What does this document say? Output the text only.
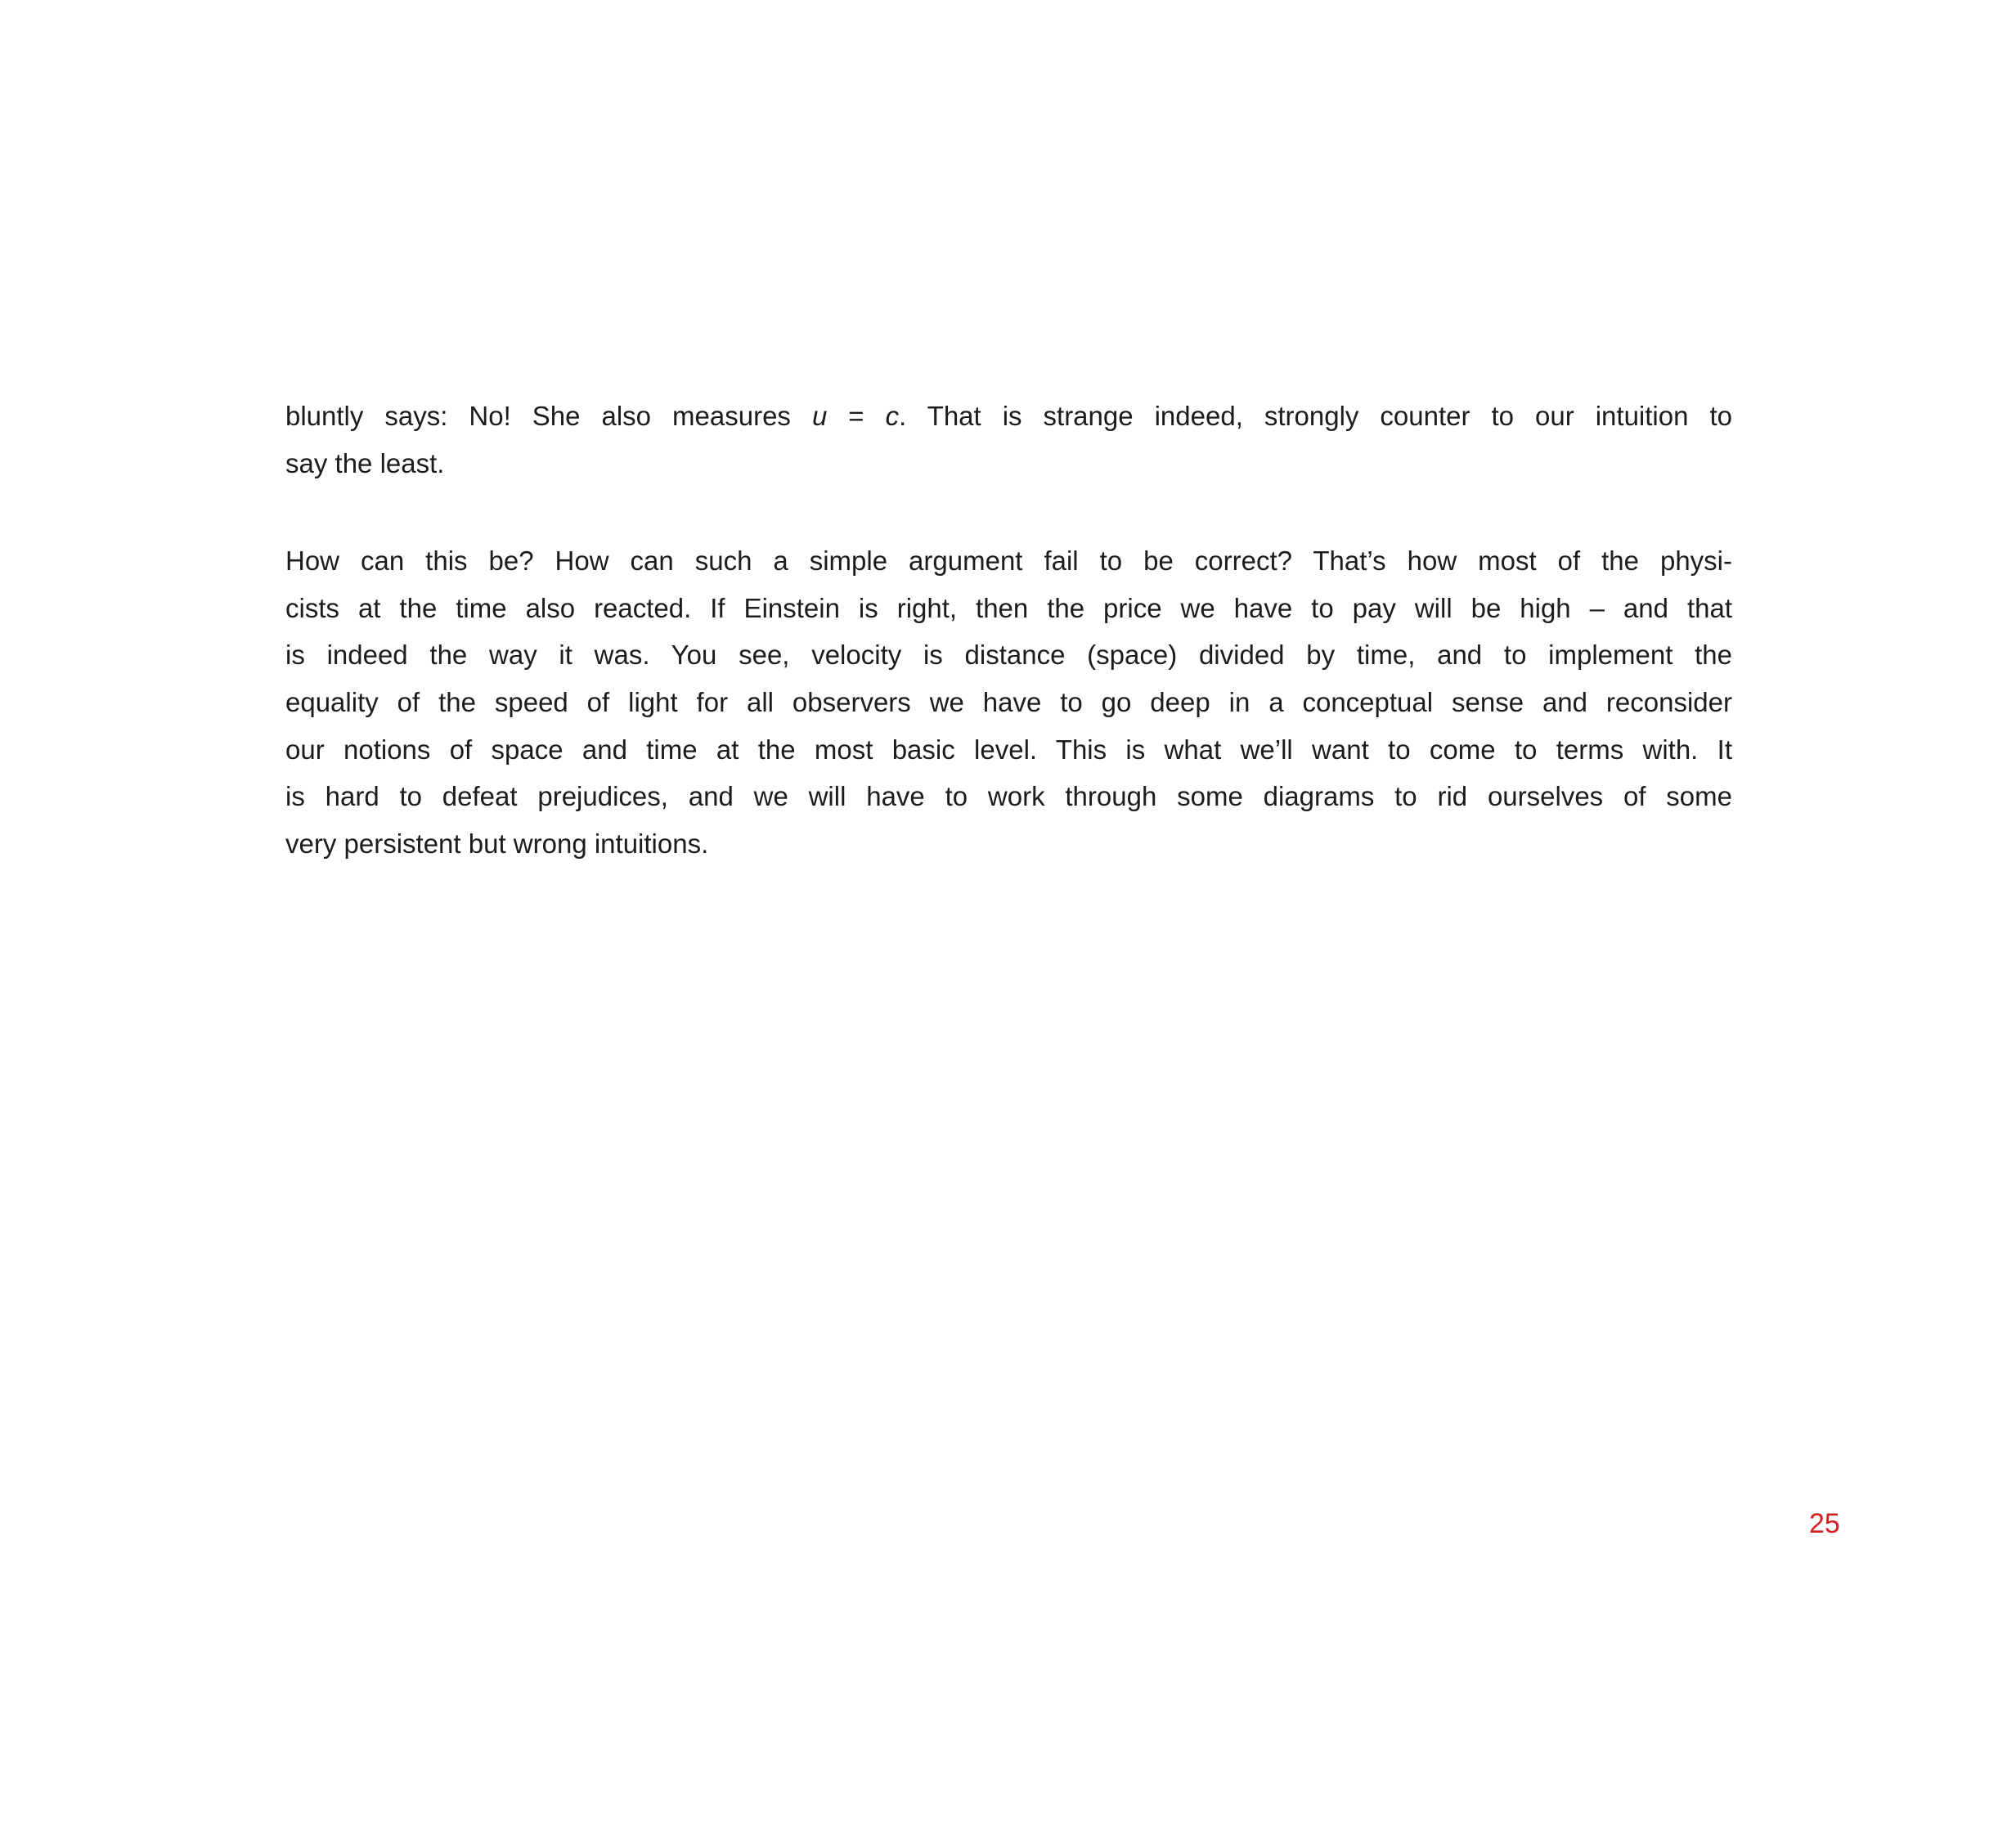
bluntly says: No! She also measures u = c. That is strange indeed, strongly counter to our intuition to
say the least.

How can this be? How can such a simple argument fail to be correct? That’s how most of the physi-
cists at the time also reacted. If Einstein is right, then the price we have to pay will be high – and that
is indeed the way it was. You see, velocity is distance (space) divided by time, and to implement the
equality of the speed of light for all observers we have to go deep in a conceptual sense and reconsider
our notions of space and time at the most basic level. This is what we’ll want to come to terms with. It
is hard to defeat prejudices, and we will have to work through some diagrams to rid ourselves of some
very persistent but wrong intuitions.

25
